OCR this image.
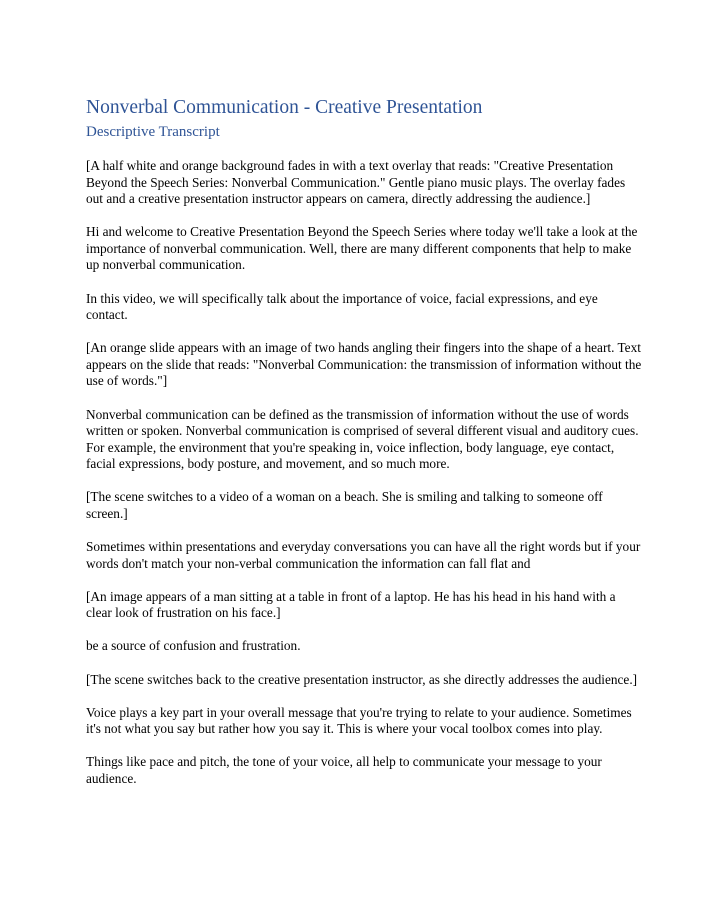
Nonverbal Communication - Creative Presentation
Descriptive Transcript

[A half white and orange background fades in with a text overlay that reads: "Creative Presentation Beyond the Speech Series: Nonverbal Communication." Gentle piano music plays. The overlay fades out and a creative presentation instructor appears on camera, directly addressing the audience.]

Hi and welcome to Creative Presentation Beyond the Speech Series where today we'll take a look at the importance of nonverbal communication. Well, there are many different components that help to make up nonverbal communication.

In this video, we will specifically talk about the importance of voice, facial expressions, and eye contact.

[An orange slide appears with an image of two hands angling their fingers into the shape of a heart. Text appears on the slide that reads: "Nonverbal Communication: the transmission of information without the use of words."]

Nonverbal communication can be defined as the transmission of information without the use of words written or spoken. Nonverbal communication is comprised of several different visual and auditory cues. For example, the environment that you're speaking in, voice inflection, body language, eye contact, facial expressions, body posture, and movement, and so much more.

[The scene switches to a video of a woman on a beach. She is smiling and talking to someone off screen.]

Sometimes within presentations and everyday conversations you can have all the right words but if your words don't match your non-verbal communication the information can fall flat and

[An image appears of a man sitting at a table in front of a laptop. He has his head in his hand with a clear look of frustration on his face.]

be a source of confusion and frustration.

[The scene switches back to the creative presentation instructor, as she directly addresses the audience.]

Voice plays a key part in your overall message that you're trying to relate to your audience. Sometimes it's not what you say but rather how you say it. This is where your vocal toolbox comes into play.

Things like pace and pitch, the tone of your voice, all help to communicate your message to your audience.
